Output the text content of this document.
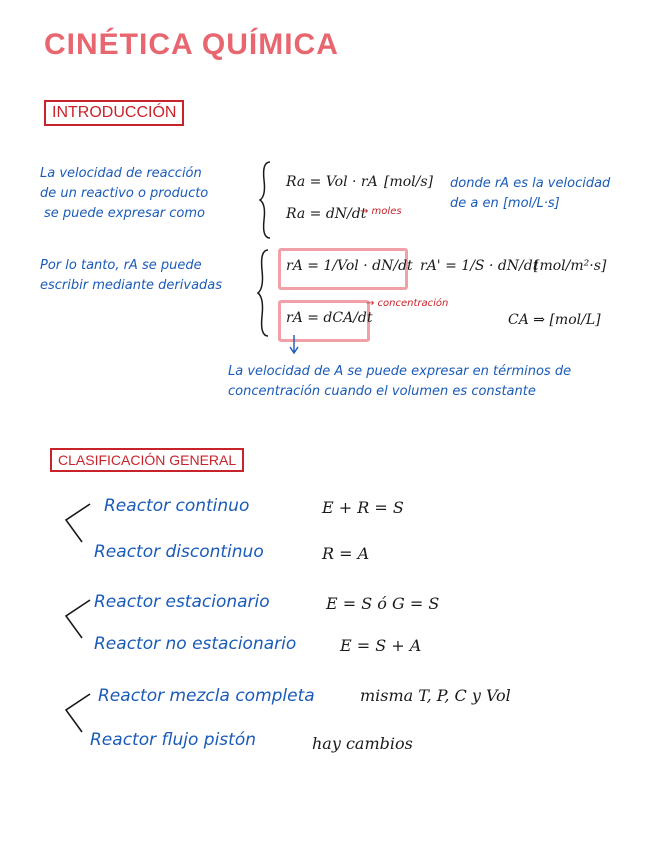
CINÉTICA QUÍMICA
INTRODUCCIÓN
La velocidad de reacción
de un reactivo o producto
se puede expresar como
Ra = Vol · rA [mol/s]
Ra = dN/dt
→ moles
donde rA es la velocidad
de a en [mol/L·s]
Por lo tanto, rA se puede
escribir mediante derivadas
rA = 1/Vol · dN/dt rA' = 1/S · dN/dt
[mol/m²·s]
rA = dCA/dt
→ concentración
CA ⇒ [mol/L]
La velocidad de A se puede expresar en términos de
concentración cuando el volumen es constante
CLASIFICACIÓN GENERAL
Reactor continuo	E + R = S
Reactor discontinuo	R = A
Reactor estacionario	E = S ó G = S
Reactor no estacionario	E = S + A
Reactor mezcla completa	misma T, P, C y Vol
Reactor flujo pistón	hay cambios
